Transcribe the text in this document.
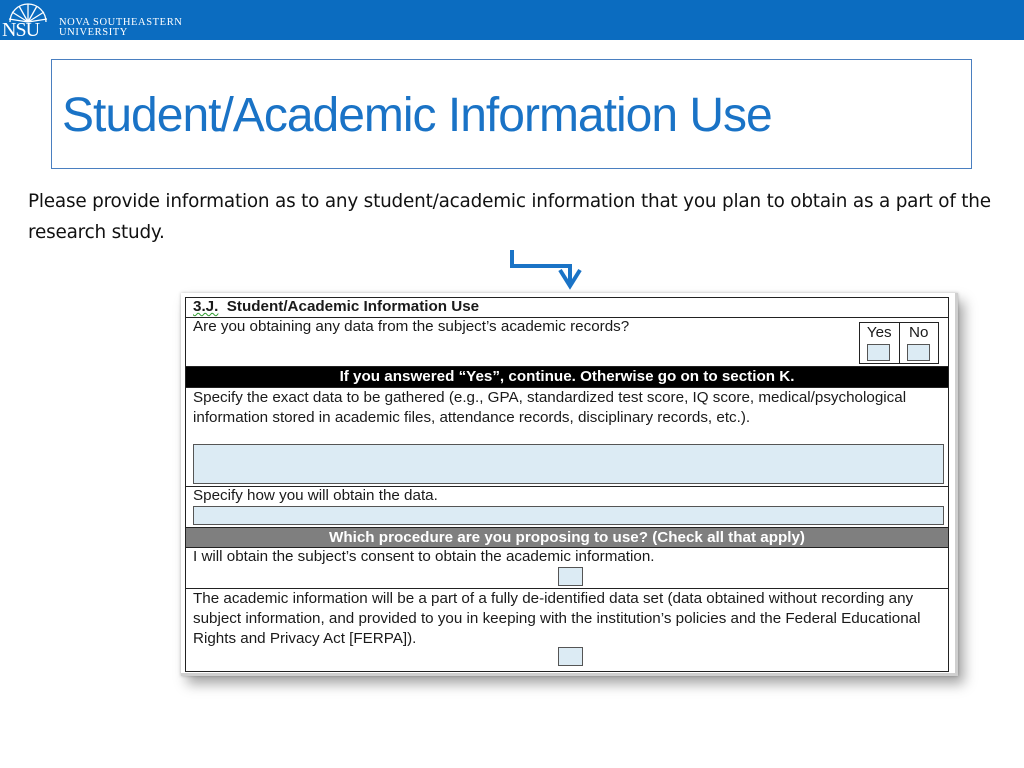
NSU NOVA SOUTHEASTERN
UNIVERSITY
Student/Academic Information Use

Please provide information as to any student/academic information that you plan to obtain as a part of the research study.

3.J. Student/Academic Information Use
Are you obtaining any data from the subject’s academic records?	Yes	No
If you answered “Yes”, continue. Otherwise go on to section K.
Specify the exact data to be gathered (e.g., GPA, standardized test score, IQ score, medical/psychological information stored in academic files, attendance records, disciplinary records, etc.).
Specify how you will obtain the data.
Which procedure are you proposing to use? (Check all that apply)
I will obtain the subject’s consent to obtain the academic information.
The academic information will be a part of a fully de-identified data set (data obtained without recording any subject information, and provided to you in keeping with the institution’s policies and the Federal Educational Rights and Privacy Act [FERPA]).
